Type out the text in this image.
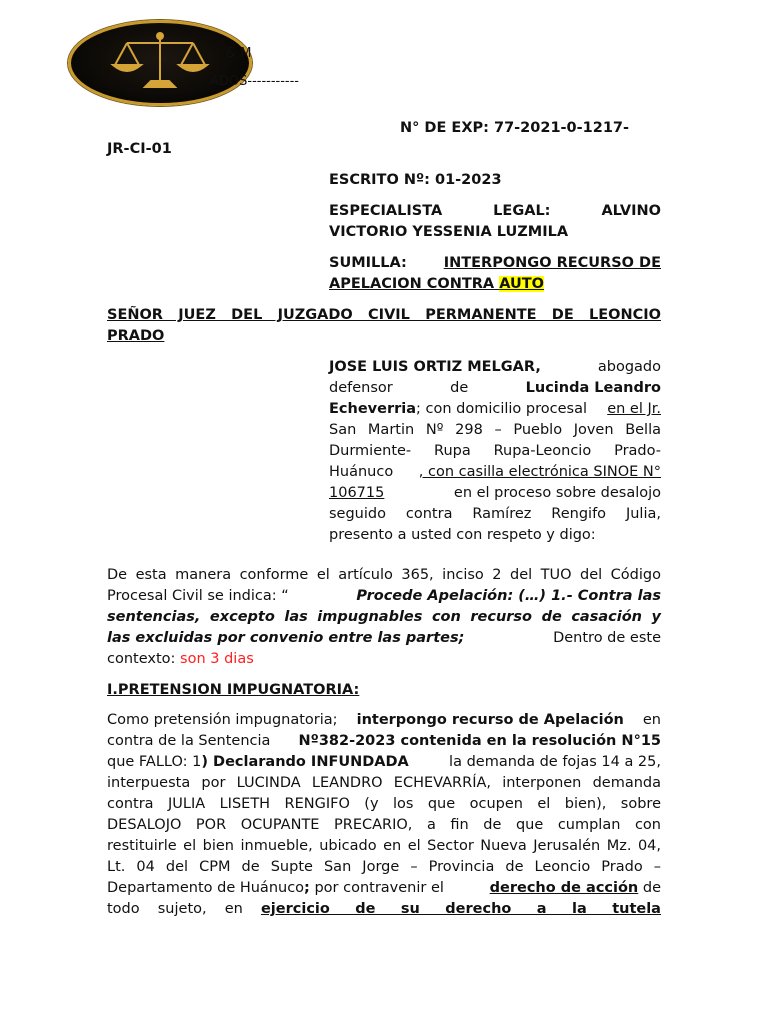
& M
ADOS-----------
N° DE EXP: 77-2021-0-1217-
JR-CI-01
ESCRITO Nº: 01-2023
ESPECIALISTA	LEGAL:	ALVINO
VICTORIO YESSENIA LUZMILA
SUMILLA:	INTERPONGO RECURSO DE
APELACION CONTRA AUTO
SEÑOR JUEZ DEL JUZGADO CIVIL PERMANENTE DE LEONCIO
PRADO
JOSE LUIS ORTIZ MELGAR,	abogado
defensor	de	Lucinda Leandro
Echeverria; con domicilio procesal en el Jr.
San Martin Nº 298 – Pueblo Joven Bella
Durmiente- Rupa Rupa-Leoncio Prado-
Huánuco , con casilla electrónica SINOE N°
106715	en el proceso sobre desalojo
seguido contra Ramírez Rengifo Julia,
presento a usted con respeto y digo:
De esta manera conforme el artículo 365, inciso 2 del TUO del Código
Procesal Civil se indica: “	Procede Apelación: (…) 1.- Contra las
sentencias, excepto las impugnables con recurso de casación y
las excluidas por convenio entre las partes;	Dentro de este
contexto: son 3 dias
I.PRETENSION IMPUGNATORIA:
Como pretensión impugnatoria; interpongo recurso de Apelación en
contra de la Sentencia Nº382-2023 contenida en la resolución N°15
que FALLO: 1) Declarando INFUNDADA	la demanda de fojas 14 a 25,
interpuesta por LUCINDA LEANDRO ECHEVARRÍA, interponen demanda
contra JULIA LISETH RENGIFO (y los que ocupen el bien), sobre
DESALOJO POR OCUPANTE PRECARIO, a fin de que cumplan con
restituirle el bien inmueble, ubicado en el Sector Nueva Jerusalén Mz. 04,
Lt. 04 del CPM de Supte San Jorge – Provincia de Leoncio Prado –
Departamento de Huánuco; por contravenir el	derecho de acción de
todo sujeto, en ejercicio de su derecho a la tutela
